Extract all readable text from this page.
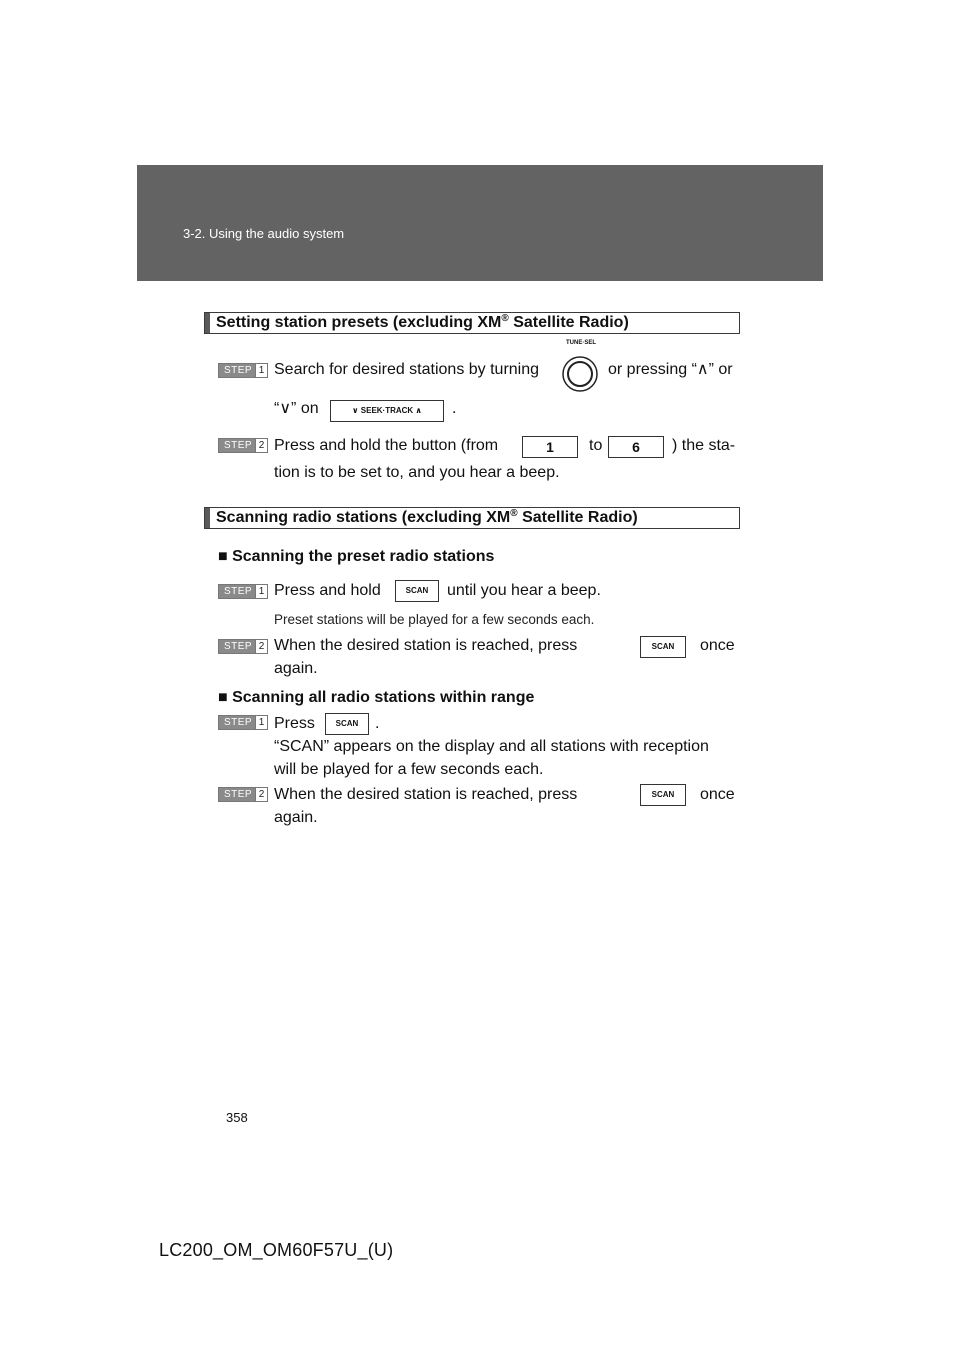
3-2. Using the audio system
Setting station presets (excluding XM® Satellite Radio)
STEP 1 Search for desired stations by turning
TUNE·SEL
or pressing “∧” or
“∨” on	∨ SEEK·TRACK ∧	.
STEP 2 Press and hold the button (from	1	to	6	) the sta-
tion is to be set to, and you hear a beep.
Scanning radio stations (excluding XM® Satellite Radio)
■ Scanning the preset radio stations
STEP 1 Press and hold	SCAN	until you hear a beep.
Preset stations will be played for a few seconds each.
STEP 2 When the desired station is reached, press	SCAN	once
again.
■ Scanning all radio stations within range
STEP 1 Press	SCAN	.
“SCAN” appears on the display and all stations with reception
will be played for a few seconds each.
STEP 2 When the desired station is reached, press	SCAN	once
again.
358
LC200_OM_OM60F57U_(U)
